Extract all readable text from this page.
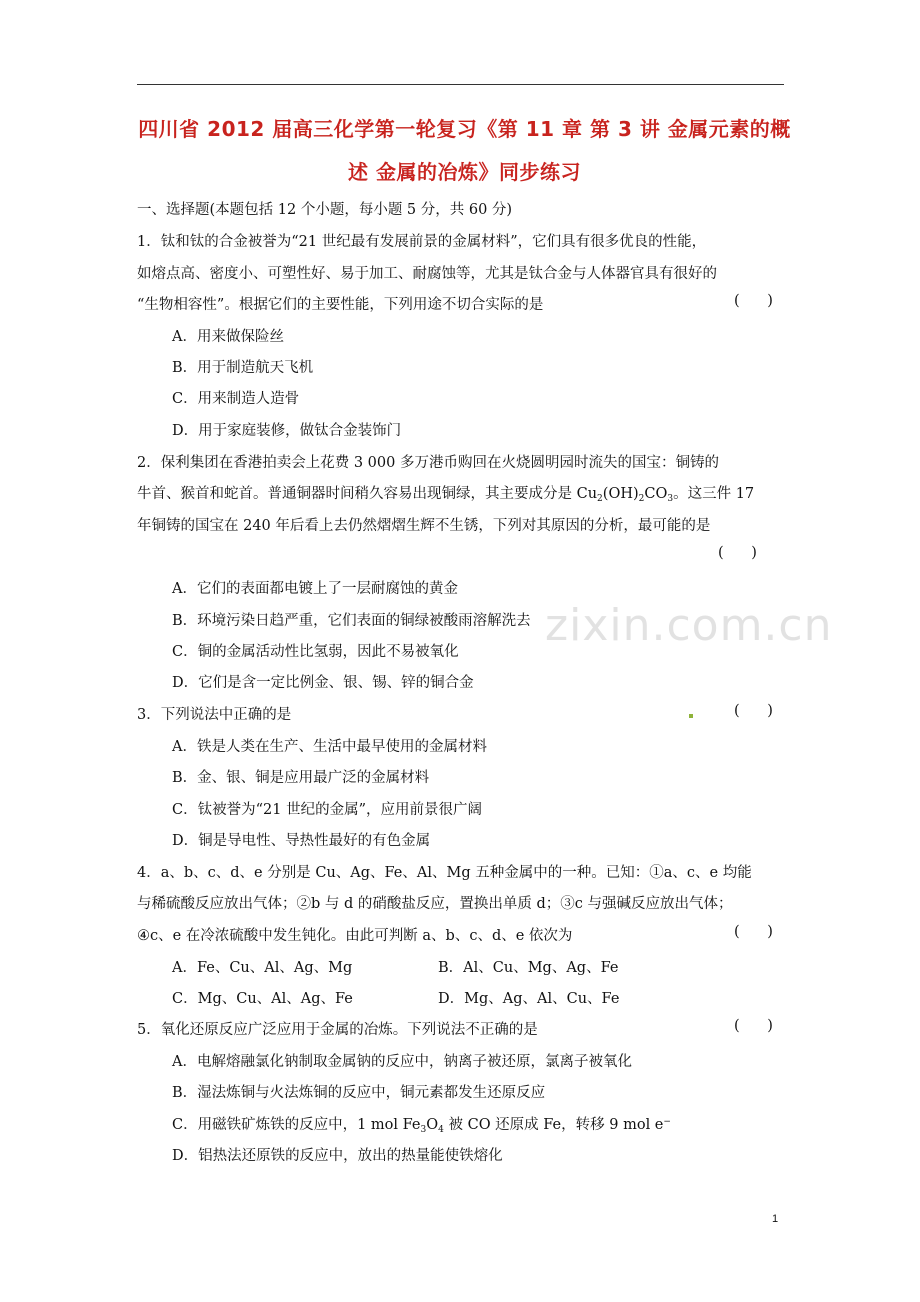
四川省 2012 届高三化学第一轮复习《第 11 章 第 3 讲 金属元素的概
述 金属的冶炼》同步练习
一、选择题(本题包括 12 个小题，每小题 5 分，共 60 分)
1．钛和钛的合金被誉为“21 世纪最有发展前景的金属材料”，它们具有很多优良的性能，
如熔点高、密度小、可塑性好、易于加工、耐腐蚀等，尤其是钛合金与人体器官具有很好的
“生物相容性”。根据它们的主要性能，下列用途不切合实际的是	(      )
A．用来做保险丝
B．用于制造航天飞机
C．用来制造人造骨
D．用于家庭装修，做钛合金装饰门
2．保利集团在香港拍卖会上花费 3 000 多万港币购回在火烧圆明园时流失的国宝：铜铸的
牛首、猴首和蛇首。普通铜器时间稍久容易出现铜绿，其主要成分是 $Cu_2(OH)_2CO_3$。这三件 17
年铜铸的国宝在 240 年后看上去仍然熠熠生辉不生锈，下列对其原因的分析，最可能的是
(      )
A．它们的表面都电镀上了一层耐腐蚀的黄金
B．环境污染日趋严重，它们表面的铜绿被酸雨溶解洗去
C．铜的金属活动性比氢弱，因此不易被氧化
D．它们是含一定比例金、银、锡、锌的铜合金
3．下列说法中正确的是	(      )
A．铁是人类在生产、生活中最早使用的金属材料
B．金、银、铜是应用最广泛的金属材料
C．钛被誉为“21 世纪的金属”，应用前景很广阔
D．铜是导电性、导热性最好的有色金属
4．a、b、c、d、e 分别是 Cu、Ag、Fe、Al、Mg 五种金属中的一种。已知：①a、c、e 均能
与稀硫酸反应放出气体；②b 与 d 的硝酸盐反应，置换出单质 d；③c 与强碱反应放出气体；
④c、e 在冷浓硫酸中发生钝化。由此可判断 a、b、c、d、e 依次为	(      )
A．Fe、Cu、Al、Ag、Mg	B．Al、Cu、Mg、Ag、Fe
C．Mg、Cu、Al、Ag、Fe	D．Mg、Ag、Al、Cu、Fe
5．氧化还原反应广泛应用于金属的冶炼。下列说法不正确的是	(      )
A．电解熔融氯化钠制取金属钠的反应中，钠离子被还原，氯离子被氧化
B．湿法炼铜与火法炼铜的反应中，铜元素都发生还原反应
C．用磁铁矿炼铁的反应中，1 mol $Fe_3O_4$ 被 CO 还原成 Fe，转移 9 mol e−
D．铝热法还原铁的反应中，放出的热量能使铁熔化
zixin.com.cn
1
